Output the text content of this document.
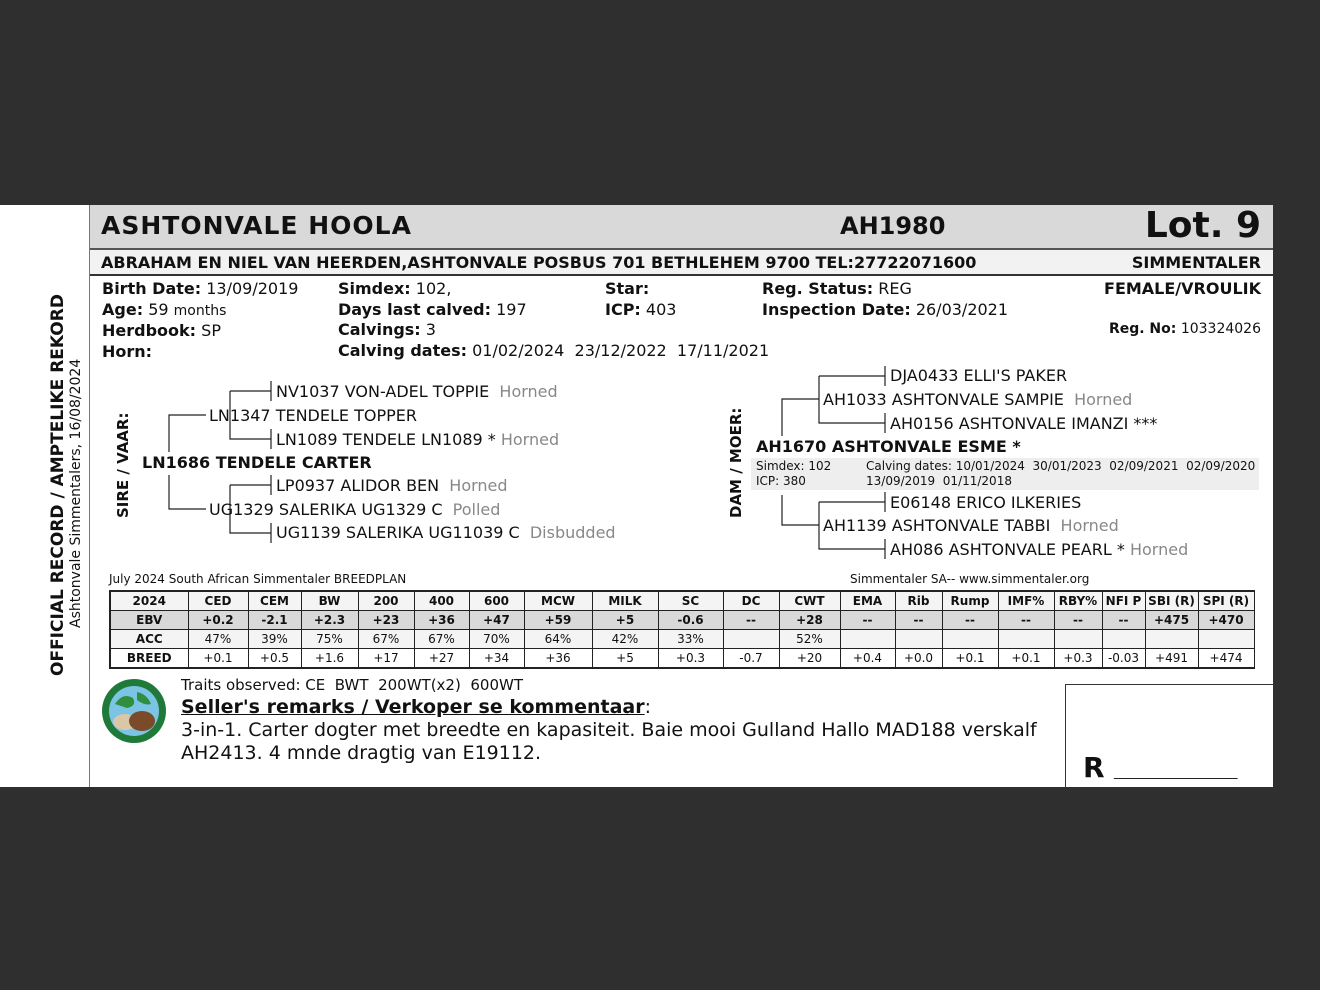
OFFICIAL RECORD / AMPTELIKE REKORD Ashtonvale Simmentalers, 16/08/2024
ASHTONVALE HOOLA	AH1980	Lot. 9
ABRAHAM EN NIEL VAN HEERDEN,ASHTONVALE POSBUS 701 BETHLEHEM 9700 TEL:27722071600	SIMMENTALER
Birth Date: 13/09/2019
Age: 59 months
Herdbook: SP
Horn:
Simdex: 102,
Days last calved: 197
Calvings: 3
Calving dates: 01/02/2024  23/12/2022  17/11/2021
Star:
ICP: 403
Reg. Status: REG
Inspection Date: 26/03/2021
FEMALE/VROULIK
Reg. No: 103324026
SIRE / VAAR: LN1686 TENDELE CARTER
LN1347 TENDELE TOPPER
UG1329 SALERIKA UG1329 C Polled
NV1037 VON-ADEL TOPPIE Horned
LN1089 TENDELE LN1089 * Horned
LP0937 ALIDOR BEN Horned
UG1139 SALERIKA UG11039 C Disbudded
DAM / MOER: AH1670 ASHTONVALE ESME *
Simdex: 102
ICP: 380
Calving dates: 10/01/2024  30/01/2023  02/09/2021  02/09/2020
13/09/2019  01/11/2018
AH1033 ASHTONVALE SAMPIE Horned
AH1139 ASHTONVALE TABBI Horned
DJA0433 ELLI'S PAKER
AH0156 ASHTONVALE IMANZI ***
E06148 ERICO ILKERIES
AH086 ASHTONVALE PEARL * Horned
July 2024 South African Simmentaler BREEDPLAN	Simmentaler SA-- www.simmentaler.org
2024	CED	CEM	BW	200	400	600	MCW	MILK	SC	DC	CWT	EMA	Rib	Rump	IMF%	RBY%	NFI P	SBI (R)	SPI (R)
EBV	+0.2	-2.1	+2.3	+23	+36	+47	+59	+5	-0.6	--	+28	--	--	--	--	--	--	+475	+470
ACC	47%	39%	75%	67%	67%	70%	64%	42%	33%		52%								
BREED	+0.1	+0.5	+1.6	+17	+27	+34	+36	+5	+0.3	-0.7	+20	+0.4	+0.0	+0.1	+0.1	+0.3	-0.03	+491	+474
Traits observed: CE  BWT  200WT(x2)  600WT
Seller's remarks / Verkoper se kommentaar:
3-in-1. Carter dogter met breedte en kapasiteit. Baie mooi Gulland Hallo MAD188 verskalf
AH2413. 4 mnde dragtig van E19112.	R ___________________
